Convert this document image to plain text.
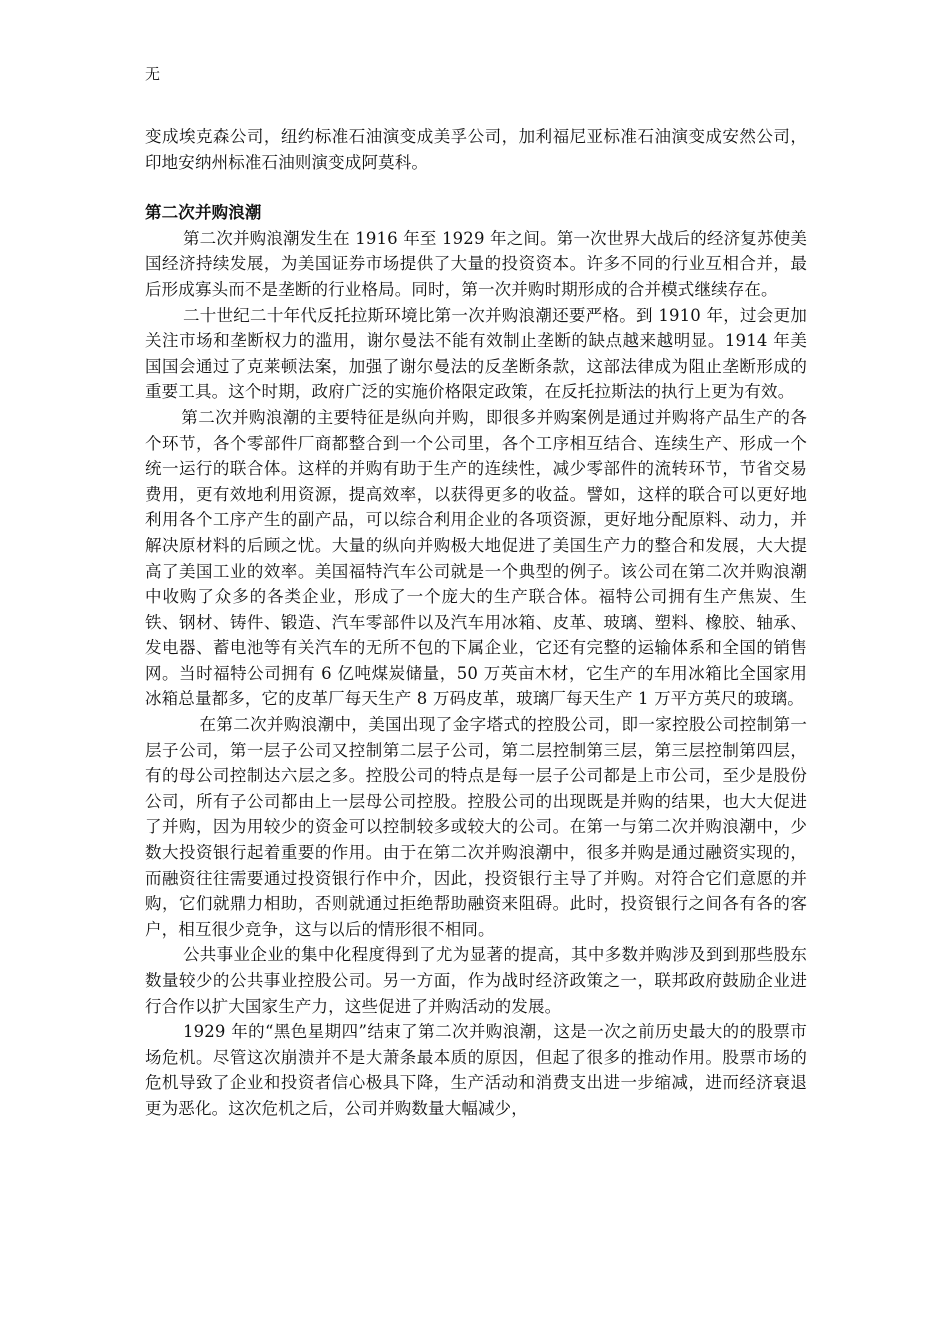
无

变成埃克森公司，纽约标准石油演变成美孚公司，加利福尼亚标准石油演变成安然公司，印地安纳州标准石油则演变成阿莫科。

第二次并购浪潮

第二次并购浪潮发生在 1916 年至 1929 年之间。第一次世界大战后的经济复苏使美国经济持续发展，为美国证券市场提供了大量的投资资本。许多不同的行业互相合并，最后形成寡头而不是垄断的行业格局。同时，第一次并购时期形成的合并模式继续存在。

二十世纪二十年代反托拉斯环境比第一次并购浪潮还要严格。到 1910 年，过会更加关注市场和垄断权力的滥用，谢尔曼法不能有效制止垄断的缺点越来越明显。1914 年美国国会通过了克莱顿法案，加强了谢尔曼法的反垄断条款，这部法律成为阻止垄断形成的重要工具。这个时期，政府广泛的实施价格限定政策，在反托拉斯法的执行上更为有效。

第二次并购浪潮的主要特征是纵向并购，即很多并购案例是通过并购将产品生产的各个环节，各个零部件厂商都整合到一个公司里，各个工序相互结合、连续生产、形成一个统一运行的联合体。这样的并购有助于生产的连续性，减少零部件的流转环节，节省交易费用，更有效地利用资源，提高效率，以获得更多的收益。譬如，这样的联合可以更好地利用各个工序产生的副产品，可以综合利用企业的各项资源，更好地分配原料、动力，并解决原材料的后顾之忧。大量的纵向并购极大地促进了美国生产力的整合和发展，大大提高了美国工业的效率。美国福特汽车公司就是一个典型的例子。该公司在第二次并购浪潮中收购了众多的各类企业，形成了一个庞大的生产联合体。福特公司拥有生产焦炭、生铁、钢材、铸件、锻造、汽车零部件以及汽车用冰箱、皮革、玻璃、塑料、橡胶、轴承、发电器、蓄电池等有关汽车的无所不包的下属企业，它还有完整的运输体系和全国的销售网。当时福特公司拥有 6 亿吨煤炭储量，50 万英亩木材，它生产的车用冰箱比全国家用冰箱总量都多，它的皮革厂每天生产 8 万码皮革，玻璃厂每天生产 1 万平方英尺的玻璃。

在第二次并购浪潮中，美国出现了金字塔式的控股公司，即一家控股公司控制第一层子公司，第一层子公司又控制第二层子公司，第二层控制第三层，第三层控制第四层，有的母公司控制达六层之多。控股公司的特点是每一层子公司都是上市公司，至少是股份公司，所有子公司都由上一层母公司控股。控股公司的出现既是并购的结果，也大大促进了并购，因为用较少的资金可以控制较多或较大的公司。在第一与第二次并购浪潮中，少数大投资银行起着重要的作用。由于在第二次并购浪潮中，很多并购是通过融资实现的，而融资往往需要通过投资银行作中介，因此，投资银行主导了并购。对符合它们意愿的并购，它们就鼎力相助，否则就通过拒绝帮助融资来阻碍。此时，投资银行之间各有各的客户，相互很少竞争，这与以后的情形很不相同。

公共事业企业的集中化程度得到了尤为显著的提高，其中多数并购涉及到到那些股东数量较少的公共事业控股公司。另一方面，作为战时经济政策之一，联邦政府鼓励企业进行合作以扩大国家生产力，这些促进了并购活动的发展。

1929 年的“黑色星期四”结束了第二次并购浪潮，这是一次之前历史最大的的股票市场危机。尽管这次崩溃并不是大萧条最本质的原因，但起了很多的推动作用。股票市场的危机导致了企业和投资者信心极具下降，生产活动和消费支出进一步缩减，进而经济衰退更为恶化。这次危机之后，公司并购数量大幅减少，
